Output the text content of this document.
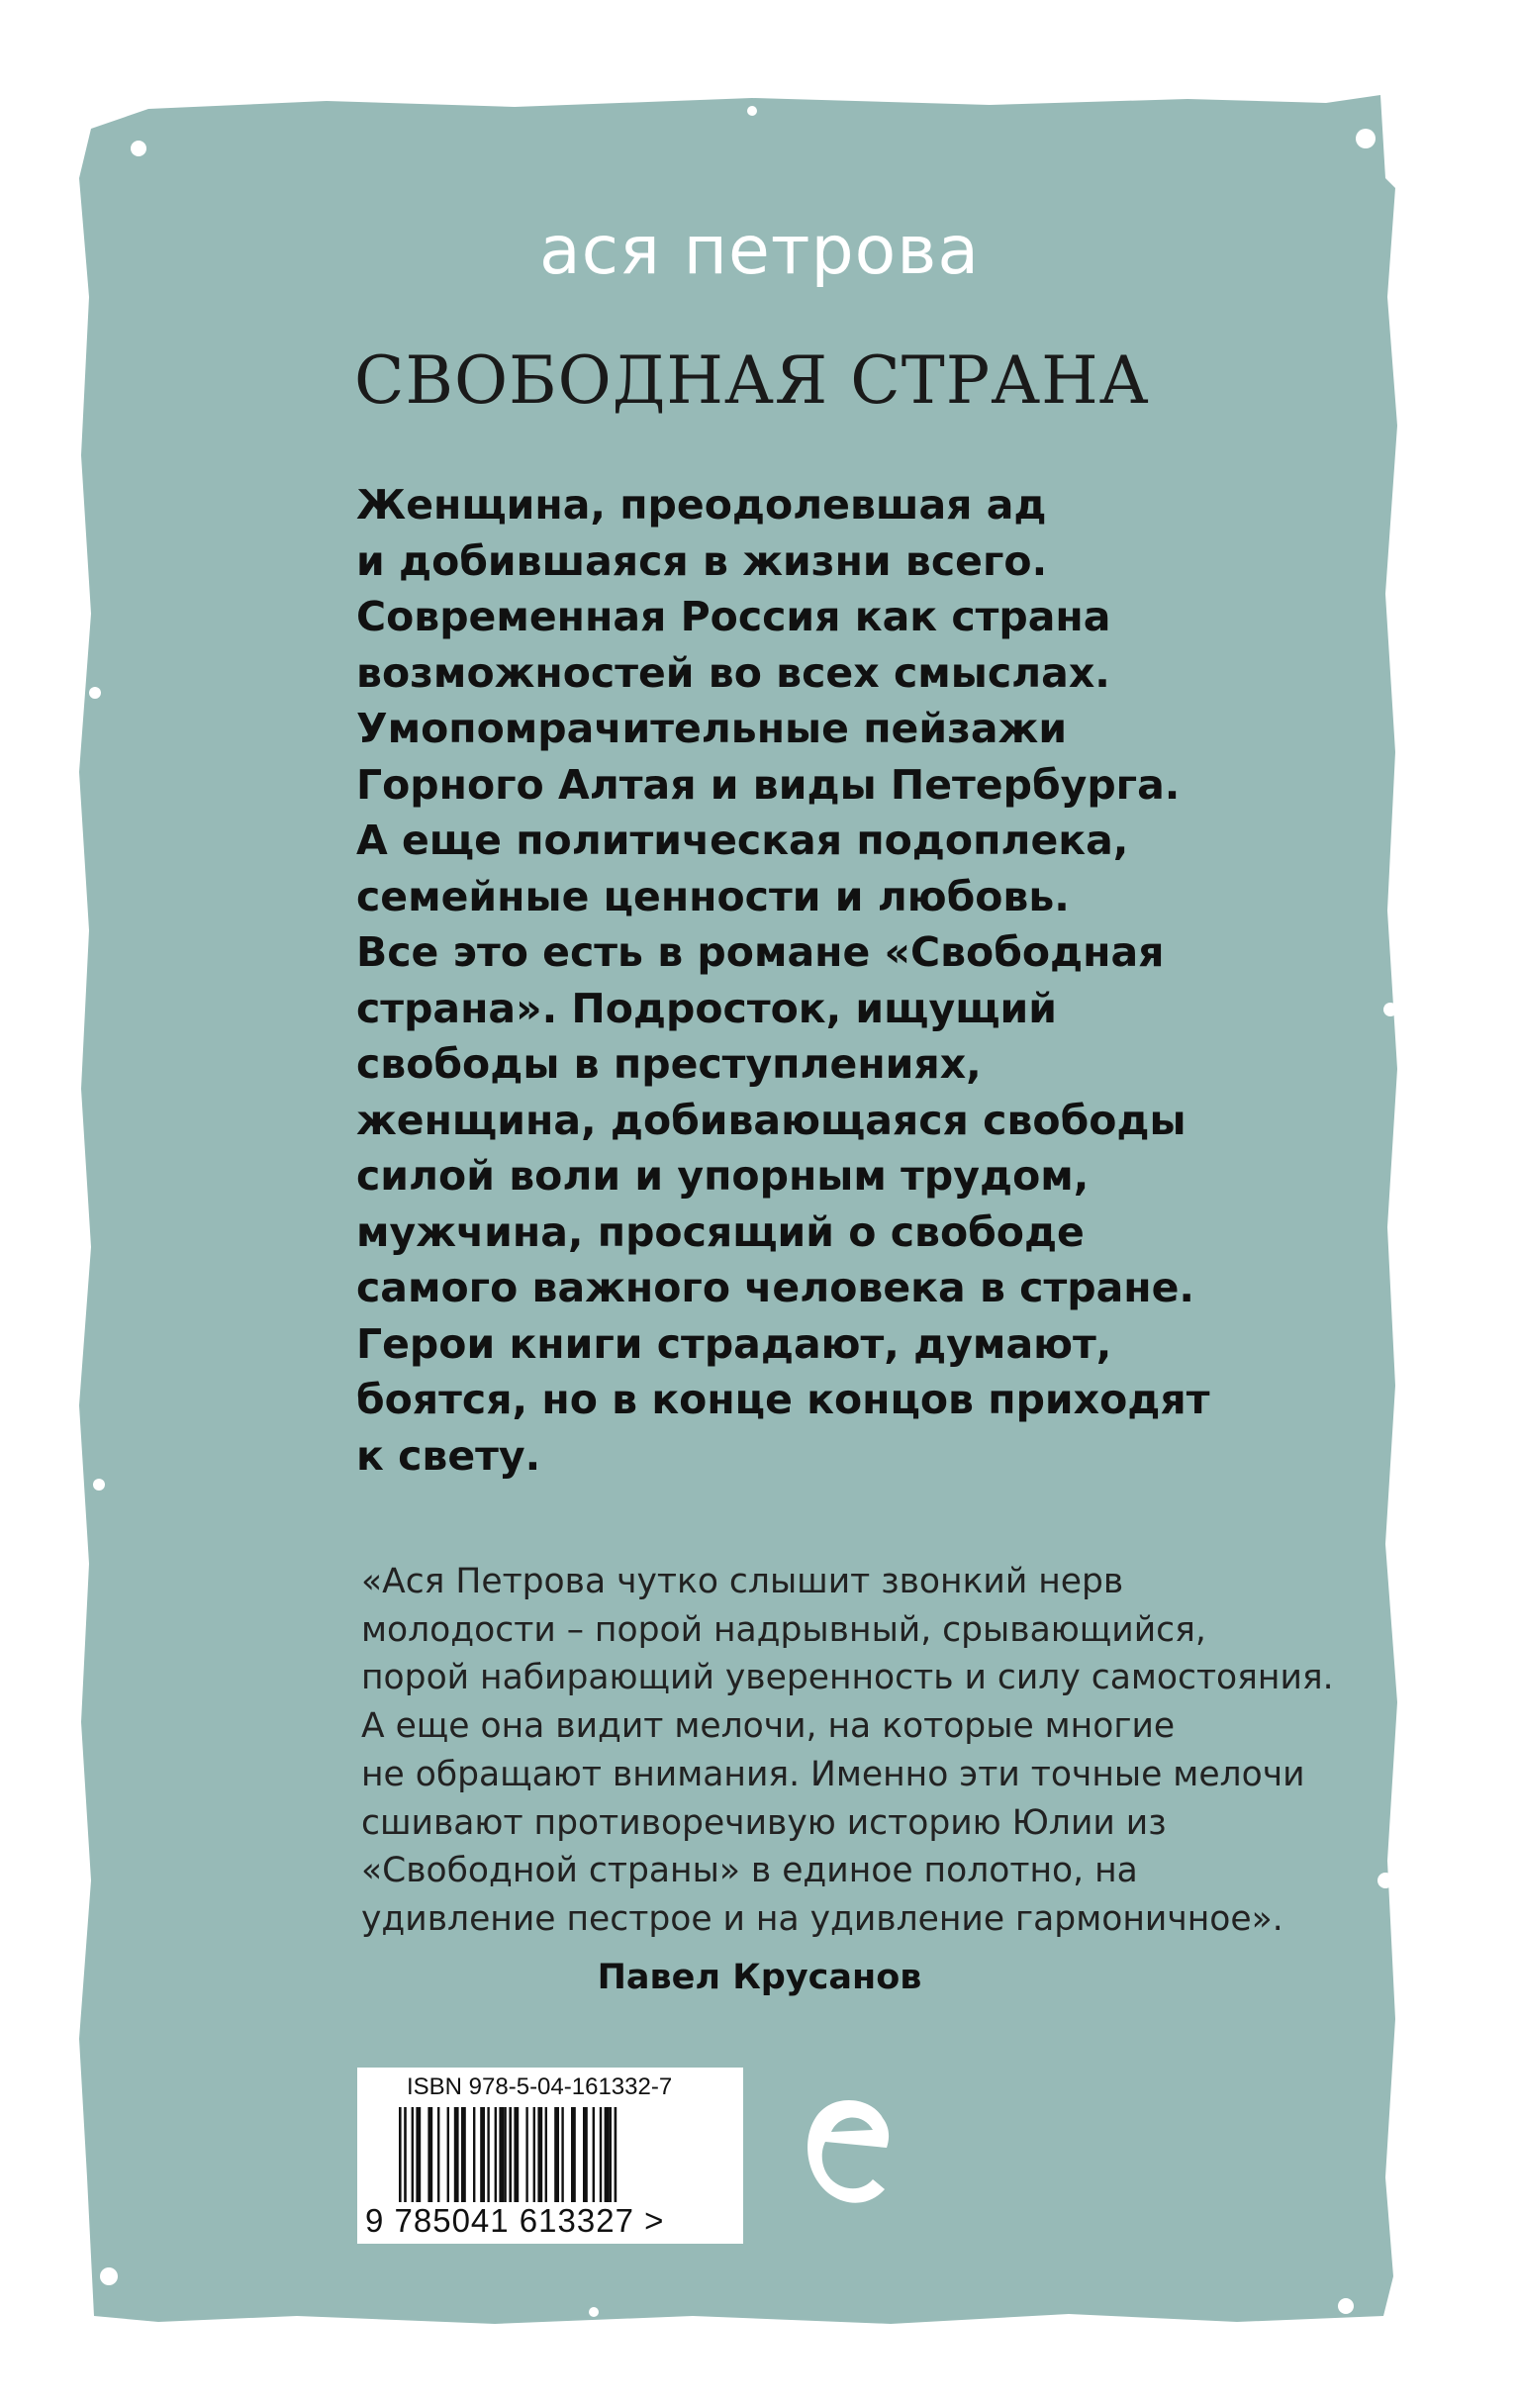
ася петрова
СВОБОДНАЯ СТРАНА
Женщина, преодолевшая ад
и добившаяся в жизни всего.
Современная Россия как страна
возможностей во всех смыслах.
Умопомрачительные пейзажи
Горного Алтая и виды Петербурга.
А еще политическая подоплека,
семейные ценности и любовь.
Все это есть в романе «Свободная
страна». Подросток, ищущий
свободы в преступлениях,
женщина, добивающаяся свободы
силой воли и упорным трудом,
мужчина, просящий о свободе
самого важного человека в стране.
Герои книги страдают, думают,
боятся, но в конце концов приходят
к свету.
«Ася Петрова чутко слышит звонкий нерв
молодости – порой надрывный, срывающийся,
порой набирающий уверенность и силу самостояния.
А еще она видит мелочи, на которые многие
не обращают внимания. Именно эти точные мелочи
сшивают противоречивую историю Юлии из
«Свободной страны» в единое полотно, на
удивление пестрое и на удивление гармоничное».
Павел Крусанов
ISBN 978-5-04-161332-7
9 785041 613327 >
